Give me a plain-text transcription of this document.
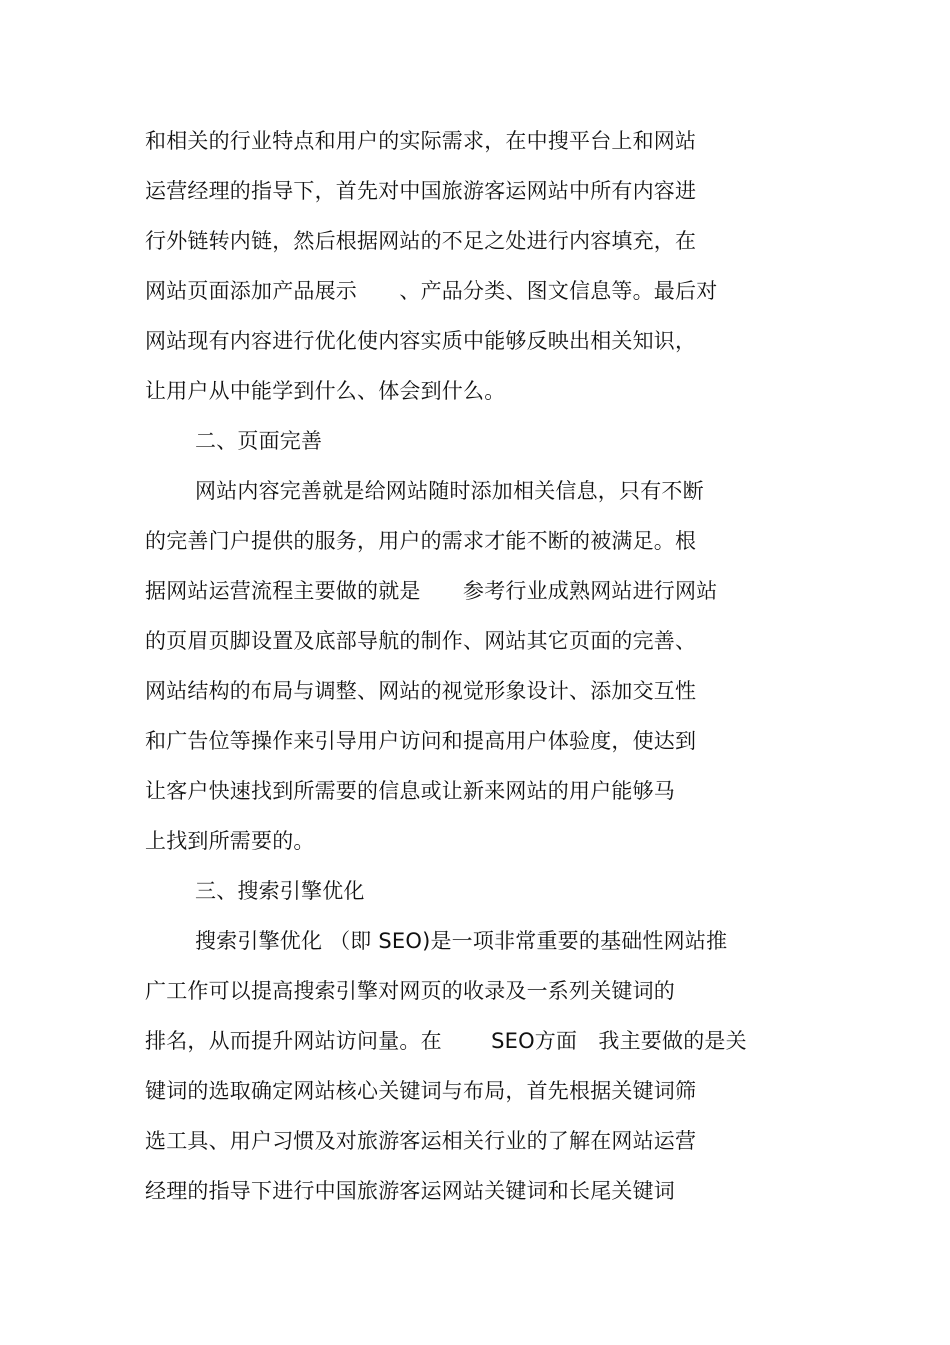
和相关的行业特点和用户的实际需求，在中搜平台上和网站
运营经理的指导下，首先对中国旅游客运网站中所有内容进
行外链转内链，然后根据网站的不足之处进行内容填充，在
网站页面添加产品展示　　、产品分类、图文信息等。最后对
网站现有内容进行优化使内容实质中能够反映出相关知识，
让用户从中能学到什么、体会到什么。
二、页面完善
网站内容完善就是给网站随时添加相关信息，只有不断
的完善门户提供的服务，用户的需求才能不断的被满足。根
据网站运营流程主要做的就是　　参考行业成熟网站进行网站
的页眉页脚设置及底部导航的制作、网站其它页面的完善、
网站结构的布局与调整、网站的视觉形象设计、添加交互性
和广告位等操作来引导用户访问和提高用户体验度，使达到
让客户快速找到所需要的信息或让新来网站的用户能够马
上找到所需要的。
三、搜索引擎优化
搜索引擎优化 （即 SEO)是一项非常重要的基础性网站推
广工作可以提高搜索引擎对网页的收录及一系列关键词的
排名，从而提升网站访问量。在　　 SEO方面　我主要做的是关
键词的选取确定网站核心关键词与布局，首先根据关键词筛
选工具、用户习惯及对旅游客运相关行业的了解在网站运营
经理的指导下进行中国旅游客运网站关键词和长尾关键词
